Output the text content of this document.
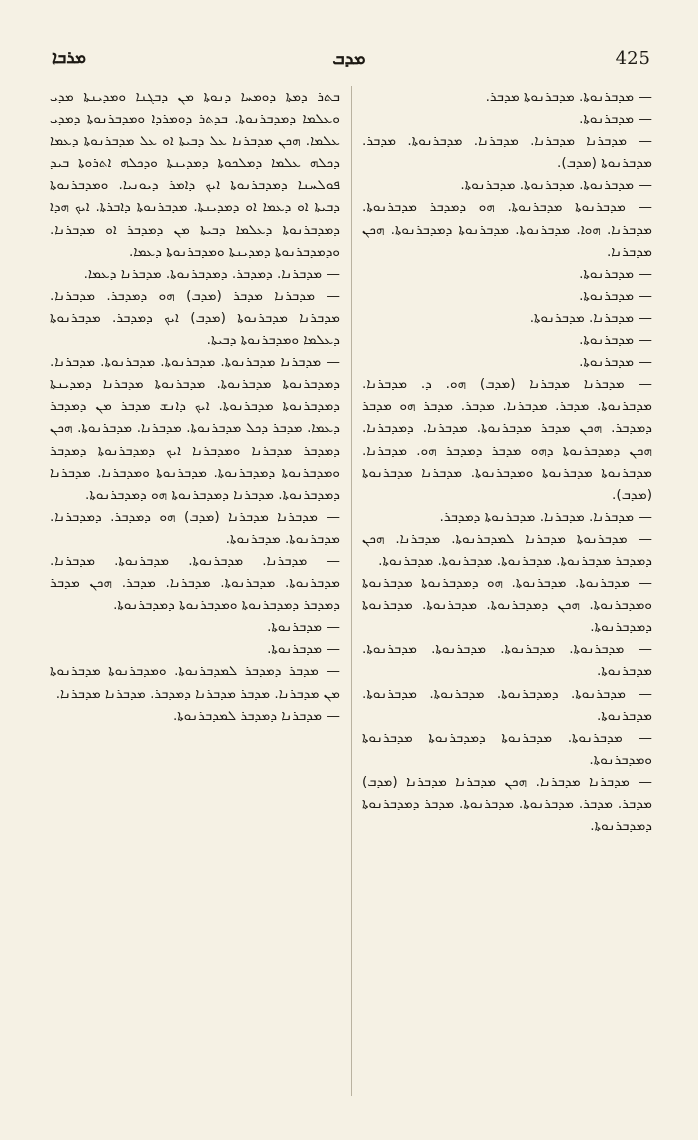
ܡܪܒܐ	ܡܕܒ	425

— ܡܕܒܪܢܘܬܐ. ܡܕܒܪܢܘܬܐ ܡܕܒܪ.

— ܡܕܒܪܢܘܬܐ.

— ܡܕܒܪܢܐ ܡܕܒܪܢܐ. ܡܕܒܪܢܐ. ܡܕܒܪܢܘܬܐ. ܡܕܒܪ. ܡܕܒܪܢܘܬܐ (ܡܕܒ).

— ܡܕܒܪܢܘܬܐ. ܡܕܒܪܢܘܬܐ. ܡܕܒܪܢܘܬܐ.

— ܡܕܒܪܢܘܬܐ ܡܕܒܪܢܘܬܐ. ܗܘ ܕܡܕܒܪ ܡܕܒܪܢܘܬܐ. ܡܕܒܪܢܐ. ܗܘܐ. ܡܕܒܪܢܘܬܐ. ܡܕܒܪܢܘܬܐ ܕܡܕܒܪܢܘܬܐ. ܗܟܢ ܡܕܒܪܢܐ.

— ܡܕܒܪܢܘܬܐ.

— ܡܕܒܪܢܘܬܐ.

— ܡܕܒܪܢܐ. ܡܕܒܪܢܘܬܐ.

— ܡܕܒܪܢܘܬܐ.

— ܡܕܒܪܢܘܬܐ.

— ܡܕܒܪܢܐ ܡܕܒܪܢܐ (ܡܕܒ) ܗܘ. ܕ. ܡܕܒܪܢܐ. ܡܕܒܪܢܘܬܐ. ܡܕܒܪ. ܡܕܒܪܢܐ. ܡܕܒܪ. ܡܕܒܪ ܗܘ ܡܕܒܪ ܕܡܕܒܪ. ܗܟܢ ܡܕܒܪ ܡܕܒܪܢܘܬܐ. ܡܕܒܪܢܐ. ܕܡܕܒܪܢܐ. ܗܟܢ ܕܡܕܒܪܢܘܬܐ ܕܗܘ ܡܕܒܪ ܕܡܕܒܪ ܗܘ. ܡܕܒܪܢܐ. ܡܕܒܪܢܘܬܐ ܡܕܒܪܢܘܬܐ ܘܡܕܒܪܢܘܬܐ. ܡܕܒܪܢܐ ܡܕܒܪܢܘܬܐ (ܡܕܒ).

— ܡܕܒܪܢܐ. ܡܕܒܪܢܐ. ܡܕܒܪܢܘܬܐ ܕܡܕܒܪ.

— ܡܕܒܪܢܘܬܐ ܡܕܒܪܢܐ ܠܡܕܒܪܢܘܬܐ. ܡܕܒܪܢܐ. ܗܟܢ ܕܡܕܒܪ ܡܕܒܪܢܘܬܐ. ܡܕܒܪܢܘܬܐ. ܡܕܒܪܢܘܬܐ. ܡܕܒܪܢܘܬܐ.

— ܡܕܒܪܢܘܬܐ. ܡܕܒܪܢܘܬܐ. ܗܘ ܕܡܕܒܪܢܘܬܐ ܡܕܒܪܢܘܬܐ ܘܡܕܒܪܢܘܬܐ. ܗܟܢ ܕܡܕܒܪܢܘܬܐ. ܡܕܒܪܢܘܬܐ. ܡܕܒܪܢܘܬܐ ܕܡܕܒܪܢܘܬܐ.

— ܡܕܒܪܢܘܬܐ. ܡܕܒܪܢܘܬܐ. ܡܕܒܪܢܘܬܐ. ܡܕܒܪܢܘܬܐ. ܡܕܒܪܢܘܬܐ.

— ܡܕܒܪܢܘܬܐ. ܕܡܕܒܪܢܘܬܐ. ܡܕܒܪܢܘܬܐ. ܡܕܒܪܢܘܬܐ. ܡܕܒܪܢܘܬܐ.

— ܡܕܒܪܢܘܬܐ. ܡܕܒܪܢܘܬܐ ܕܡܕܒܪܢܘܬܐ ܡܕܒܪܢܘܬܐ ܘܡܕܒܪܢܘܬܐ.

— ܡܕܒܪܢܐ ܡܕܒܪܢܐ. ܗܟܢ ܡܕܒܪܢܐ ܡܕܒܪܢܐ (ܡܕܒ) ܡܕܒܪ. ܡܕܒܪ. ܡܕܒܪܢܘܬܐ. ܡܕܒܪܢܘܬܐ. ܡܕܒܪ ܕܡܕܒܪܢܘܬܐ ܕܡܕܒܪܢܘܬܐ.

ܒܬܪ ܕܡܬܐ ܕܘܡܚܐ ܕܢܘܬܐ ܡܢ ܕܒܓܢܐ ܘܡܕܝܢܬܐ ܡܕܝ ܘܥܠܡܐ ܕܡܕܒܪܢܘܬܐ. ܒܕܬܪ ܕܘܡܪܕܐ ܘܡܕܒܪܢܘܬܐ ܕܡܕܝ ܥܠܡܐ. ܗܟܢ ܡܕܒܪܢܐ ܥܠ ܕܒܝܬܐ ܐܘ ܥܠ ܡܕܒܪܢܘܬܐ ܕܥܡܐ ܕܟܠܗ ܥܠܡܐ ܕܡܠܟܘܬܐ ܕܡܕܝܢܬܐ ܘܕܟܠܗ ܐܬܪܘܬܐ ܒܝܕ ܦܘܠܚܢܐ ܕܡܕܒܪܢܘܬܐ ܐܝܟ ܕܐܡܪ ܕܝܘܢܝܐ. ܘܡܕܒܪܢܘܬܐ ܕܒܝܬܐ ܐܘ ܕܥܡܐ ܐܘ ܕܡܕܝܢܬܐ. ܡܕܒܪܢܘܬܐ ܕܐܒܪܬܐ. ܐܝܟ ܗܕܐ ܕܡܕܒܪܢܘܬܐ ܕܥܠܡܐ ܕܒܝܬܐ ܡܢ ܕܡܕܒܪ ܐܘ ܡܕܒܪܢܐ. ܘܕܡܕܒܪܢܘܬܐ ܕܡܕܝܢܬܐ ܘܡܕܒܪܢܘܬܐ ܕܥܡܐ.

— ܡܕܒܪܢܐ. ܕܡܕܒܪ. ܕܡܕܒܪܢܘܬܐ. ܡܕܒܪܢܐ ܕܥܡܐ.

— ܡܕܒܪܢܐ ܡܕܒܪ (ܡܕܒ) ܗܘ ܕܡܕܒܪ. ܡܕܒܪܢܐ. ܡܕܒܪܢܐ ܡܕܒܪܢܘܬܐ (ܡܕܒ) ܐܝܟ ܕܡܕܒܪ. ܡܕܒܪܢܘܬܐ ܕܥܠܡܐ ܘܡܕܒܪܢܘܬܐ ܕܒܝܬܐ.

— ܡܕܒܪܢܐ ܡܕܒܪܢܘܬܐ. ܡܕܒܪܢܘܬܐ. ܡܕܒܪܢܘܬܐ. ܡܕܒܪܢܐ. ܕܡܕܒܪܢܘܬܐ ܡܕܒܪܢܘܬܐ. ܡܕܒܪܢܘܬܐ ܡܕܒܪܢܐ ܕܡܕܝܢܬܐ ܕܡܕܒܪܢܘܬܐ ܡܕܒܪܢܘܬܐ. ܐܝܟ ܕܐܢܫ ܡܕܒܪ ܡܢ ܕܡܕܒܪ ܕܥܡܐ. ܡܕܒܪ ܕܟܠ ܡܕܒܪܢܘܬܐ. ܡܕܒܪܢܐ. ܡܕܒܪܢܘܬܐ. ܗܟܢ ܕܡܕܒܪ ܡܕܒܪܢܐ ܘܡܕܒܪܢܐ ܐܝܟ ܕܡܕܒܪܢܘܬܐ ܕܡܕܒܪ ܘܡܕܒܪܢܘܬܐ ܕܡܕܒܪܢܘܬܐ. ܡܕܒܪܢܘܬܐ ܘܡܕܒܪܢܐ. ܡܕܒܪܢܐ ܕܡܕܒܪܢܘܬܐ. ܡܕܒܪܢܐ ܕܡܕܒܪܢܘܬܐ ܗܘ ܕܡܕܒܪܢܘܬܐ.

— ܡܕܒܪܢܐ ܡܕܒܪܢܐ (ܡܕܒ) ܗܘ ܕܡܕܒܪ. ܕܡܕܒܪܢܐ. ܡܕܒܪܢܘܬܐ. ܡܕܒܪܢܘܬܐ.

— ܡܕܒܪܢܐ. ܡܕܒܪܢܘܬܐ. ܡܕܒܪܢܘܬܐ. ܡܕܒܪܢܐ. ܡܕܒܪܢܘܬܐ. ܡܕܒܪܢܘܬܐ. ܡܕܒܪܢܐ. ܡܕܒܪ. ܗܟܢ ܡܕܒܪ ܕܡܕܒܪ ܕܡܕܒܪܢܘܬܐ ܘܡܕܒܪܢܘܬܐ ܕܡܕܒܪܢܘܬܐ.

— ܡܕܒܪܢܘܬܐ.

— ܡܕܒܪܢܘܬܐ.

— ܡܕܒܪ ܕܡܕܒܪ ܠܡܕܒܪܢܘܬܐ. ܘܡܕܒܪܢܘܬܐ ܡܕܒܪܢܘܬܐ ܡܢ ܡܕܒܪܢܐ. ܡܕܒܪ ܡܕܒܪܢܐ ܕܡܕܒܪ. ܡܕܒܪܢܐ ܡܕܒܪܢܐ.

— ܡܕܒܪܢܐ ܕܡܕܒܪ ܠܡܕܒܪܢܘܬܐ.
